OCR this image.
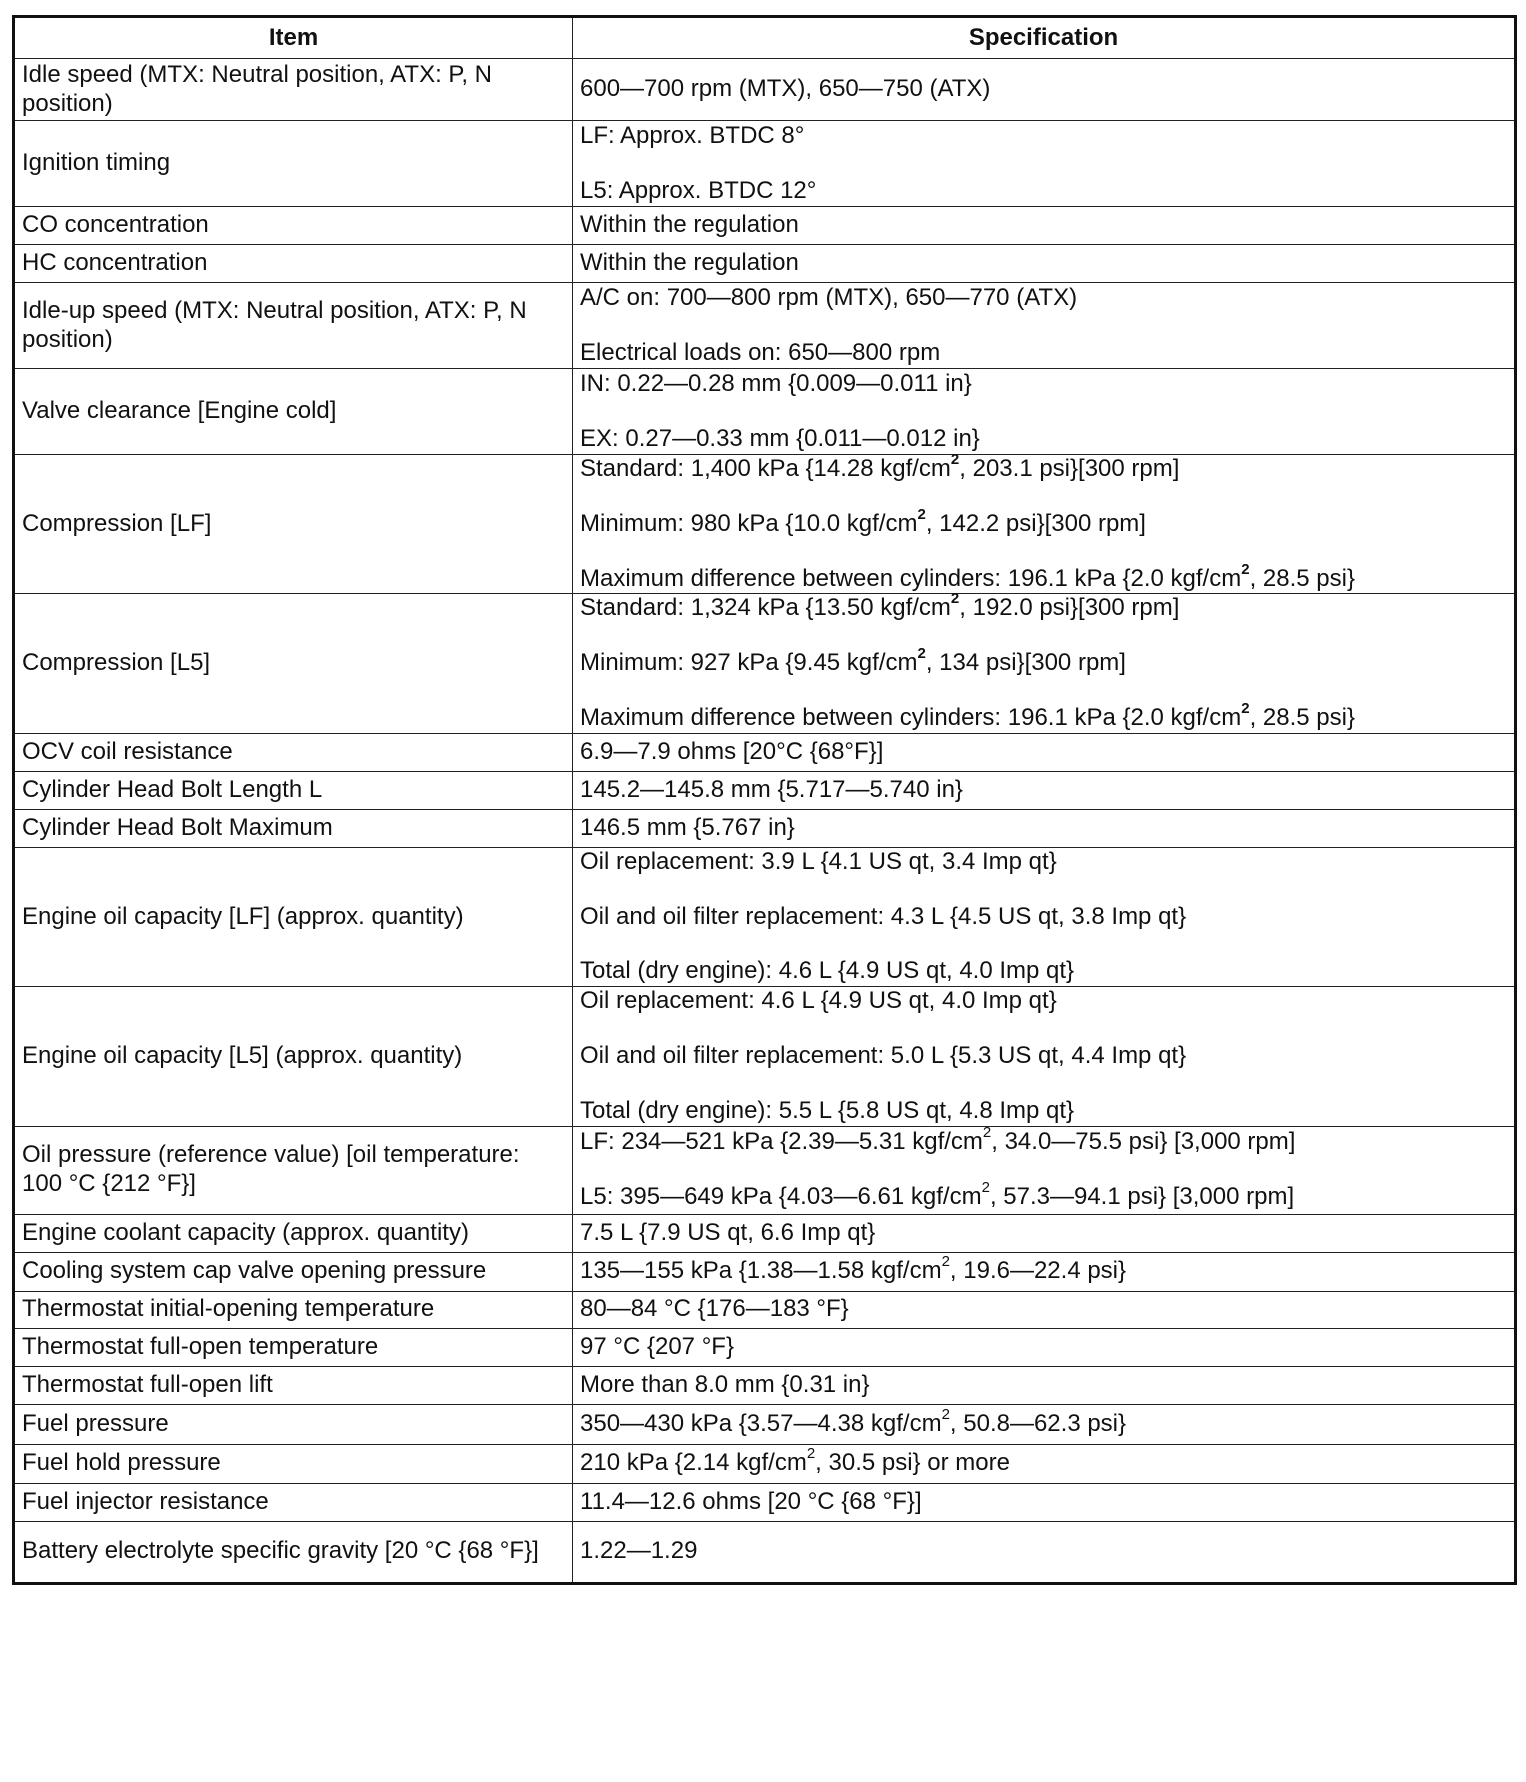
Item	Specification
Idle speed (MTX: Neutral position, ATX: P, N position)	600—700 rpm (MTX), 650—750 (ATX)

Ignition timing	LF: Approx. BTDC 8°
L5: Approx. BTDC 12°

CO concentration	Within the regulation

HC concentration	Within the regulation

Idle-up speed (MTX: Neutral position, ATX: P, N position)	A/C on: 700—800 rpm (MTX), 650—770 (ATX)
Electrical loads on: 650—800 rpm

Valve clearance [Engine cold]	IN: 0.22—0.28 mm {0.009—0.011 in}
EX: 0.27—0.33 mm {0.011—0.012 in}

Compression [LF]	Standard: 1,400 kPa {14.28 kgf/$cm^2$, 203.1 psi}[300 rpm]
Minimum: 980 kPa {10.0 kgf/$cm^2$, 142.2 psi}[300 rpm]
Maximum difference between cylinders: 196.1 kPa {2.0 kgf/$cm^2$, 28.5 psi}

Compression [L5]	Standard: 1,324 kPa {13.50 kgf/$cm^2$, 192.0 psi}[300 rpm]
Minimum: 927 kPa {9.45 kgf/$cm^2$, 134 psi}[300 rpm]
Maximum difference between cylinders: 196.1 kPa {2.0 kgf/$cm^2$, 28.5 psi}

OCV coil resistance	6.9—7.9 ohms [20°C {68°F}]

Cylinder Head Bolt Length L	145.2—145.8 mm {5.717—5.740 in}

Cylinder Head Bolt Maximum	146.5 mm {5.767 in}

Engine oil capacity [LF] (approx. quantity)	Oil replacement: 3.9 L {4.1 US qt, 3.4 Imp qt}
Oil and oil filter replacement: 4.3 L {4.5 US qt, 3.8 Imp qt}
Total (dry engine): 4.6 L {4.9 US qt, 4.0 Imp qt}

Engine oil capacity [L5] (approx. quantity)	Oil replacement: 4.6 L {4.9 US qt, 4.0 Imp qt}
Oil and oil filter replacement: 5.0 L {5.3 US qt, 4.4 Imp qt}
Total (dry engine): 5.5 L {5.8 US qt, 4.8 Imp qt}

Oil pressure (reference value) [oil temperature: 100 °C {212 °F}]	LF: 234—521 kPa {2.39—5.31 kgf/$cm^2$, 34.0—75.5 psi} [3,000 rpm]
L5: 395—649 kPa {4.03—6.61 kgf/$cm^2$, 57.3—94.1 psi} [3,000 rpm]

Engine coolant capacity (approx. quantity)	7.5 L {7.9 US qt, 6.6 Imp qt}

Cooling system cap valve opening pressure	135—155 kPa {1.38—1.58 kgf/$cm^2$, 19.6—22.4 psi}

Thermostat initial-opening temperature	80—84 °C {176—183 °F}

Thermostat full-open temperature	97 °C {207 °F}

Thermostat full-open lift	More than 8.0 mm {0.31 in}

Fuel pressure	350—430 kPa {3.57—4.38 kgf/$cm^2$, 50.8—62.3 psi}

Fuel hold pressure	210 kPa {2.14 kgf/$cm^2$, 30.5 psi} or more

Fuel injector resistance	11.4—12.6 ohms [20 °C {68 °F}]

Battery electrolyte specific gravity [20 °C {68 °F}]	1.22—1.29
